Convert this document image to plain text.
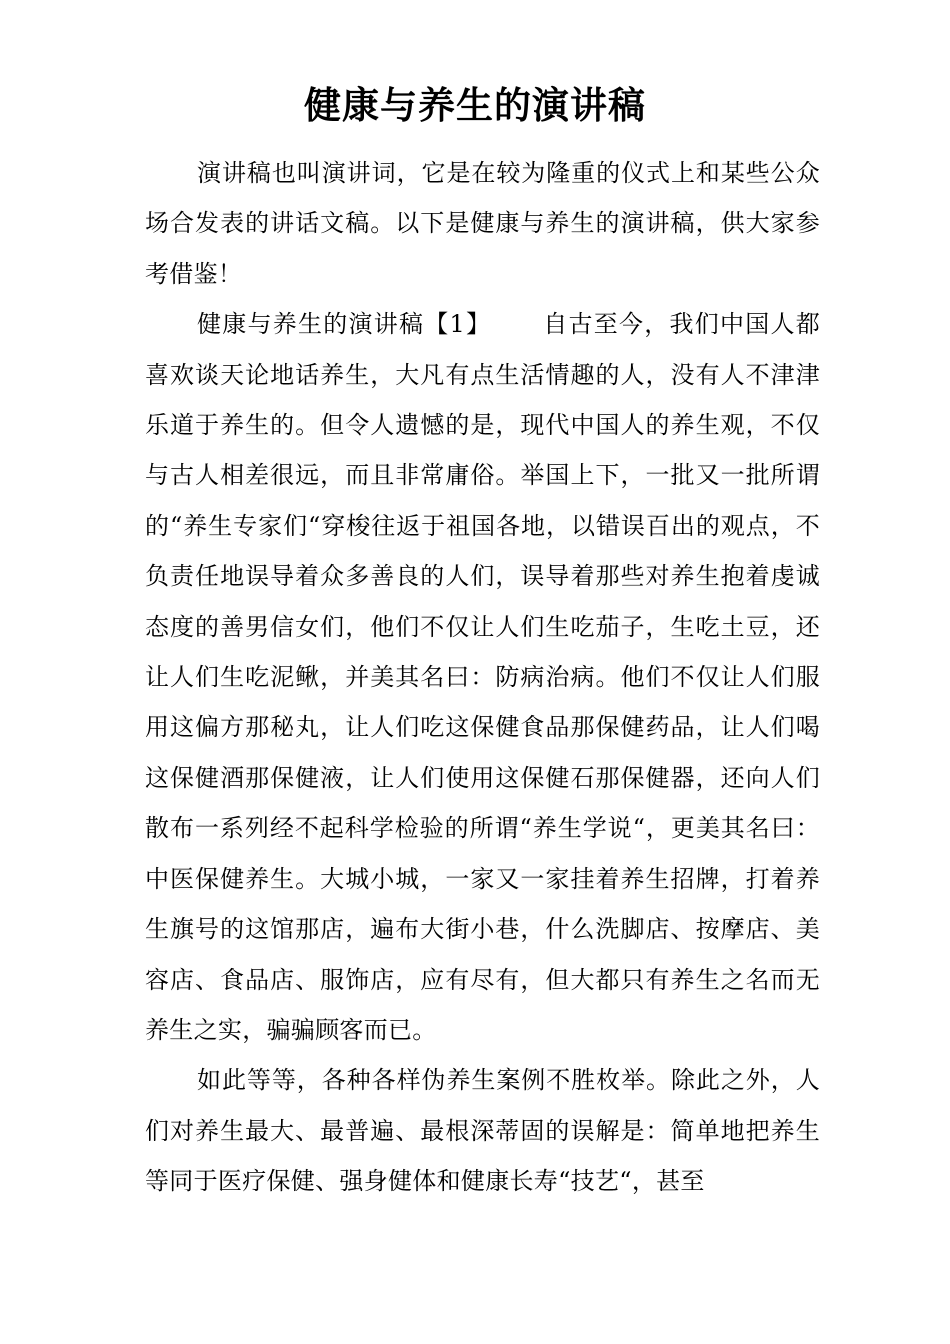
健康与养生的演讲稿

演讲稿也叫演讲词，它是在较为隆重的仪式上和某些公众场合发表的讲话文稿。以下是健康与养生的演讲稿，供大家参考借鉴！

健康与养生的演讲稿【1】 自古至今，我们中国人都喜欢谈天论地话养生，大凡有点生活情趣的人，没有人不津津乐道于养生的。但令人遗憾的是，现代中国人的养生观，不仅与古人相差很远，而且非常庸俗。举国上下，一批又一批所谓的“养生专家们“穿梭往返于祖国各地，以错误百出的观点，不负责任地误导着众多善良的人们，误导着那些对养生抱着虔诚态度的善男信女们，他们不仅让人们生吃茄子，生吃土豆，还让人们生吃泥鳅，并美其名曰：防病治病。他们不仅让人们服用这偏方那秘丸，让人们吃这保健食品那保健药品，让人们喝这保健酒那保健液，让人们使用这保健石那保健器，还向人们散布一系列经不起科学检验的所谓“养生学说“，更美其名曰：中医保健养生。大城小城，一家又一家挂着养生招牌，打着养生旗号的这馆那店，遍布大街小巷，什么洗脚店、按摩店、美容店、食品店、服饰店，应有尽有，但大都只有养生之名而无养生之实，骗骗顾客而已。

如此等等，各种各样伪养生案例不胜枚举。除此之外，人们对养生最大、最普遍、最根深蒂固的误解是：简单地把养生等同于医疗保健、强身健体和健康长寿“技艺“，甚至
